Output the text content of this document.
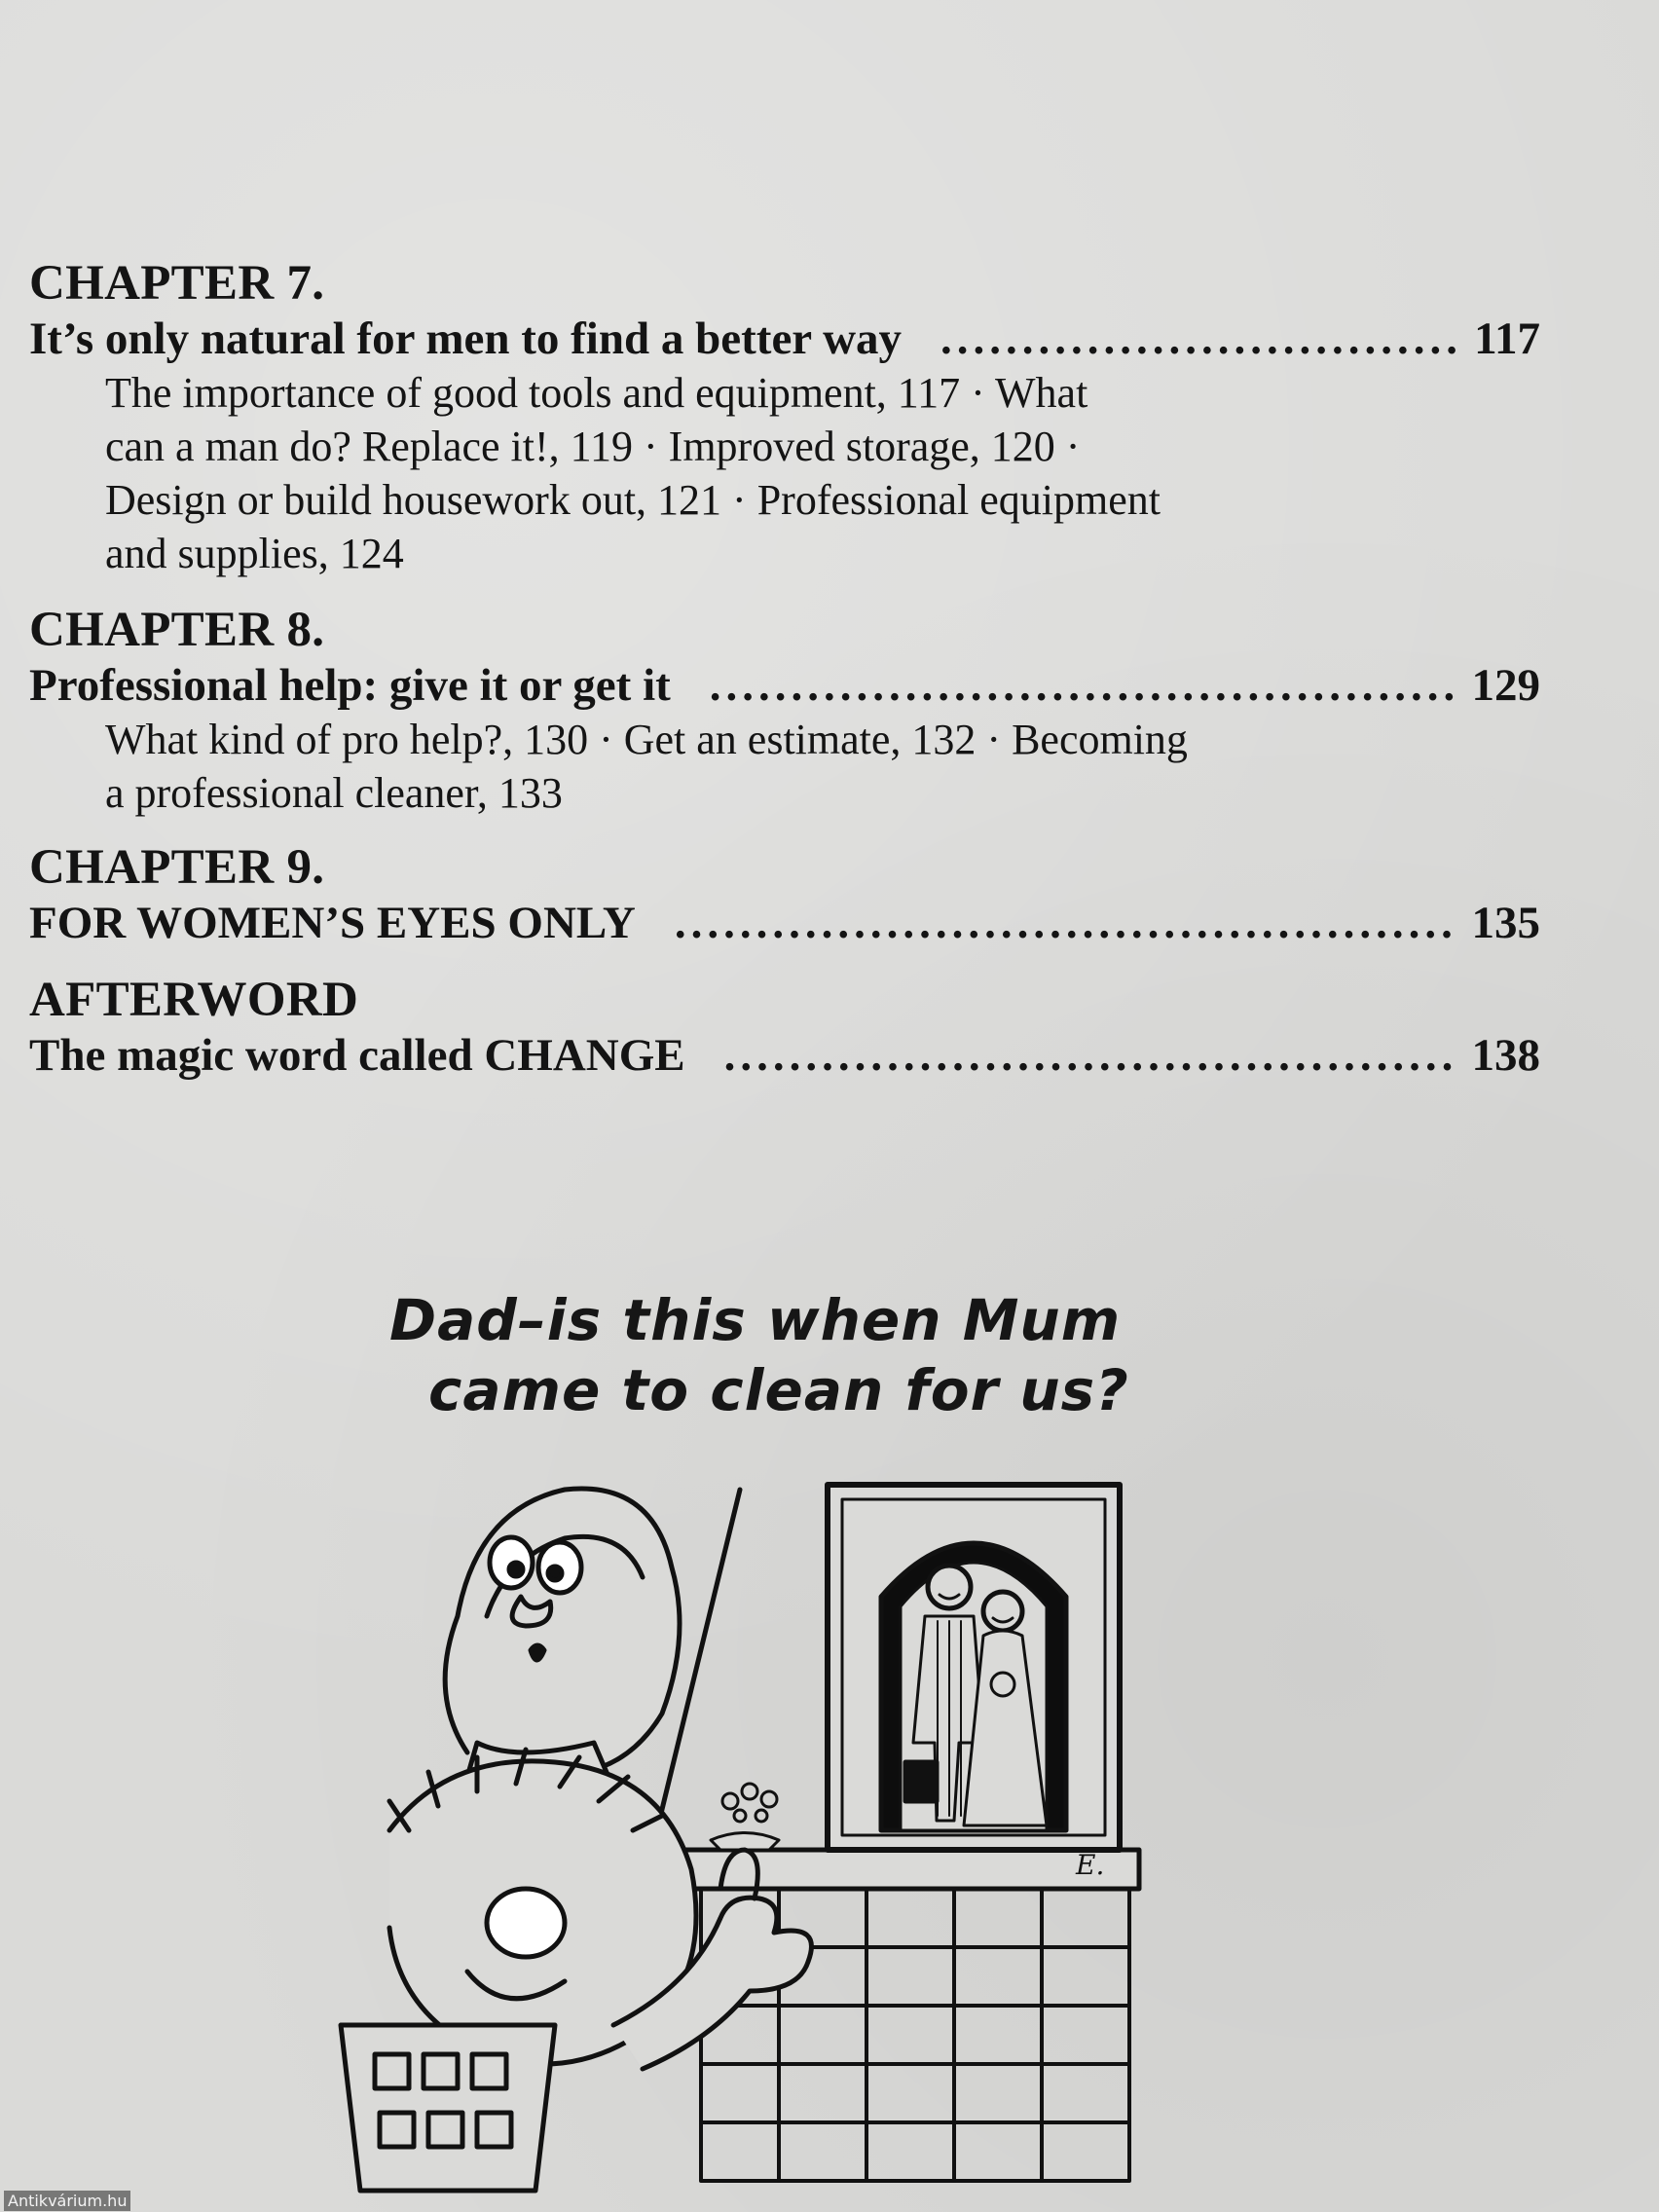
CHAPTER 7.
It’s only natural for men to find a better way .....	117
The importance of good tools and equipment, 117 · What
can a man do? Replace it!, 119 · Improved storage, 120 ·
Design or build housework out, 121 · Professional equipment
and supplies, 124
CHAPTER 8.
Professional help: give it or get it .....	129
What kind of pro help?, 130 · Get an estimate, 132 · Becoming
a professional cleaner, 133
CHAPTER 9.
FOR WOMEN’S EYES ONLY .....	135
AFTERWORD
The magic word called CHANGE .....	138
E.
Dad–is this when Mum
came to clean for us?
Antikvárium.hu
